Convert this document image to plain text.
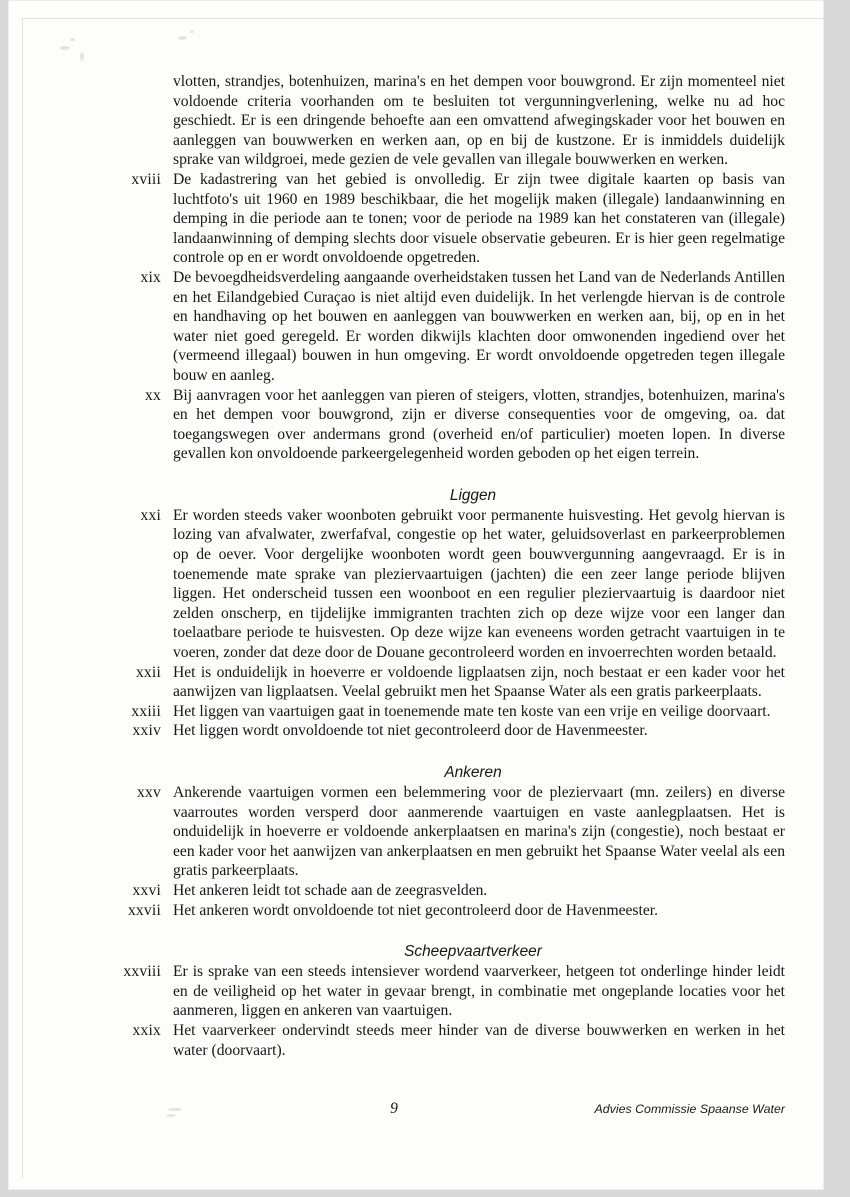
vlotten, strandjes, botenhuizen, marina's en het dempen voor bouwgrond. Er zijn momenteel niet voldoende criteria voorhanden om te besluiten tot vergunningverlening, welke nu ad hoc geschiedt. Er is een dringende behoefte aan een omvattend afwegingskader voor het bouwen en aanleggen van bouwwerken en werken aan, op en bij de kustzone. Er is inmiddels duidelijk sprake van wildgroei, mede gezien de vele gevallen van illegale bouwwerken en werken.
xviii De kadastrering van het gebied is onvolledig. Er zijn twee digitale kaarten op basis van luchtfoto's uit 1960 en 1989 beschikbaar, die het mogelijk maken (illegale) landaanwinning en demping in die periode aan te tonen; voor de periode na 1989 kan het constateren van (illegale) landaanwinning of demping slechts door visuele observatie gebeuren. Er is hier geen regelmatige controle op en er wordt onvoldoende opgetreden.
xix De bevoegdheidsverdeling aangaande overheidstaken tussen het Land van de Nederlands Antillen en het Eilandgebied Curaçao is niet altijd even duidelijk. In het verlengde hiervan is de controle en handhaving op het bouwen en aanleggen van bouwwerken en werken aan, bij, op en in het water niet goed geregeld. Er worden dikwijls klachten door omwonenden ingediend over het (vermeend illegaal) bouwen in hun omgeving. Er wordt onvoldoende opgetreden tegen illegale bouw en aanleg.
xx Bij aanvragen voor het aanleggen van pieren of steigers, vlotten, strandjes, botenhuizen, marina's en het dempen voor bouwgrond, zijn er diverse consequenties voor de omgeving, oa. dat toegangswegen over andermans grond (overheid en/of particulier) moeten lopen. In diverse gevallen kon onvoldoende parkeergelegenheid worden geboden op het eigen terrein.
Liggen
xxi Er worden steeds vaker woonboten gebruikt voor permanente huisvesting. Het gevolg hiervan is lozing van afvalwater, zwerfafval, congestie op het water, geluidsoverlast en parkeerproblemen op de oever. Voor dergelijke woonboten wordt geen bouwvergunning aangevraagd. Er is in toenemende mate sprake van pleziervaartuigen (jachten) die een zeer lange periode blijven liggen. Het onderscheid tussen een woonboot en een regulier pleziervaartuig is daardoor niet zelden onscherp, en tijdelijke immigranten trachten zich op deze wijze voor een langer dan toelaatbare periode te huisvesten. Op deze wijze kan eveneens worden getracht vaartuigen in te voeren, zonder dat deze door de Douane gecontroleerd worden en invoerrechten worden betaald.
xxii Het is onduidelijk in hoeverre er voldoende ligplaatsen zijn, noch bestaat er een kader voor het aanwijzen van ligplaatsen. Veelal gebruikt men het Spaanse Water als een gratis parkeerplaats.
xxiii Het liggen van vaartuigen gaat in toenemende mate ten koste van een vrije en veilige doorvaart.
xxiv Het liggen wordt onvoldoende tot niet gecontroleerd door de Havenmeester.
Ankeren
xxv Ankerende vaartuigen vormen een belemmering voor de pleziervaart (mn. zeilers) en diverse vaarroutes worden versperd door aanmerende vaartuigen en vaste aanlegplaatsen. Het is onduidelijk in hoeverre er voldoende ankerplaatsen en marina's zijn (congestie), noch bestaat er een kader voor het aanwijzen van ankerplaatsen en men gebruikt het Spaanse Water veelal als een gratis parkeerplaats.
xxvi Het ankeren leidt tot schade aan de zeegrasvelden.
xxvii Het ankeren wordt onvoldoende tot niet gecontroleerd door de Havenmeester.
Scheepvaartverkeer
xxviii Er is sprake van een steeds intensiever wordend vaarverkeer, hetgeen tot onderlinge hinder leidt en de veiligheid op het water in gevaar brengt, in combinatie met ongeplande locaties voor het aanmeren, liggen en ankeren van vaartuigen.
xxix Het vaarverkeer ondervindt steeds meer hinder van de diverse bouwwerken en werken in het water (doorvaart).
9	Advies Commissie Spaanse Water
